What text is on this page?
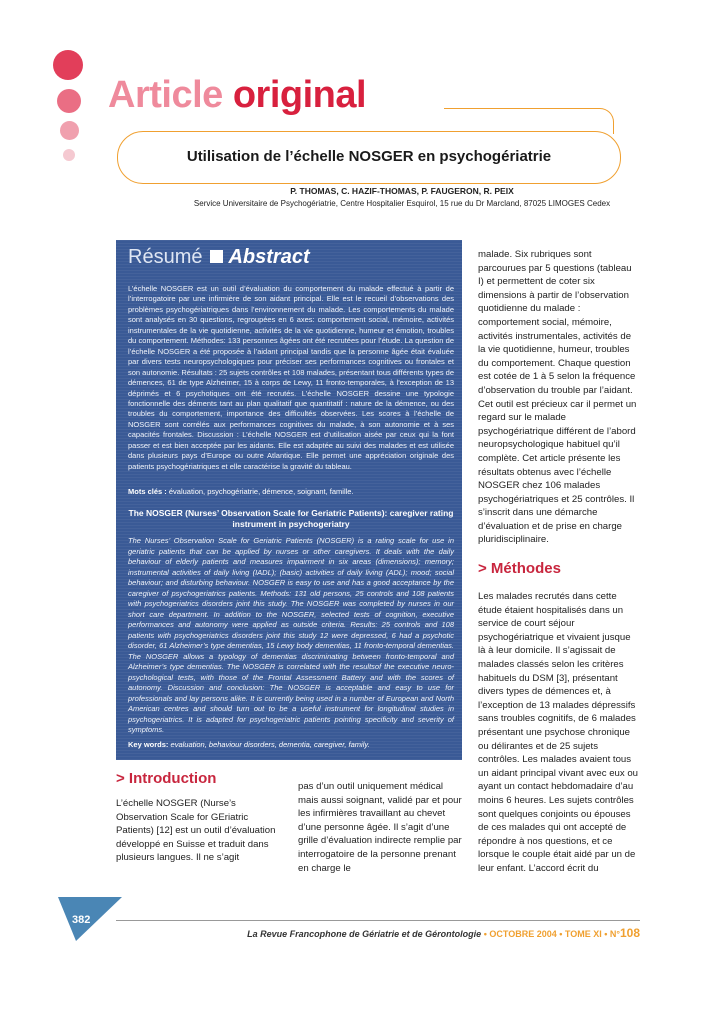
Article original
Utilisation de l’échelle NOSGER en psychogériatrie
P. THOMAS, C. HAZIF-THOMAS, P. FAUGERON, R. PEIX
Service Universitaire de Psychogériatrie, Centre Hospitalier Esquirol, 15 rue du Dr Marcland, 87025 LIMOGES Cedex
Résumé Abstract
L’échelle NOSGER est un outil d’évaluation du comportement du malade effectué à partir de l’interrogatoire par une infirmière de son aidant principal. Elle est le recueil d’observations des problèmes psychogériatriques dans l’environnement du malade. Les comportements du malade sont analysés en 30 questions, regroupées en 6 axes: comportement social, mémoire, activités instrumentales de la vie quotidienne, activités de la vie quotidienne, humeur et émotion, troubles du comportement. Méthodes: 133 personnes âgées ont été recrutées pour l’étude. La question de l’échelle NOSGER a été proposée à l’aidant principal tandis que la personne âgée était évaluée par divers tests neuropsychologiques pour préciser ses performances cognitives ou frontales et son autonomie. Résultats : 25 sujets contrôles et 108 malades, présentant tous différents types de démences, 61 de type Alzheimer, 15 à corps de Lewy, 11 fronto-temporales, à l’exception de 13 déprimés et 6 psychotiques ont été recrutés. L’échelle NOSGER dessine une typologie fonctionnelle des déments tant au plan qualitatif que quantitatif : nature de la démence, ou des troubles du comportement, importance des difficultés observées. Les scores à l’échelle de NOSGER sont corrélés aux performances cognitives du malade, à son autonomie et à ses capacités frontales. Discussion : L’échelle NOSGER est d’utilisation aisée par ceux qui la font passer et est bien acceptée par les aidants. Elle est adaptée au suivi des malades et est utilisée dans plusieurs pays d’Europe ou outre Atlantique. Elle permet une appréciation originale des patients psychogériatriques et elle caractérise la gravité du tableau.
Mots clés : évaluation, psychogériatrie, démence, soignant, famille.
The NOSGER (Nurses’ Observation Scale for Geriatric Patients): caregiver rating instrument in psychogeriatry
The Nurses’ Observation Scale for Geriatric Patients (NOSGER) is a rating scale for use in geriatric patients that can be applied by nurses or other caregivers. It deals with the daily behaviour of elderly patients and measures impairment in six areas (dimensions); memory; instrumental activities of daily living (IADL); (basic) activities of daily living (ADL); mood; social behaviour; and disturbing behaviour. NOSGER is easy to use and has a good acceptance by the caregiver of psychogeriatrics patients. Methods: 131 old persons, 25 controls and 108 patients with psychogeriatrics disorders joint this study. The NOSGER was completed by nurses in our short care department. In addition to the NOSGER, selected tests of cognition, executive performances and autonomy were applied as outside criteria. Results: 25 controls and 108 patients with psychogeriatrics disorders joint this study 12 were depressed, 6 had a psychotic disorder, 61 Alzheimer’s type dementias, 15 Lewy body dementias, 11 fronto-temporal dementias. The NOSGER allows a typology of dementias discriminating between fronto-temporal and Alzheimer’s type dementias. The NOSGER is correlated with the resultsof the executive neuro-psychological tests, with those of the Frontal Assessment Battery and with the scores of autonomy. Discussion and conclusion: The NOSGER is acceptable and easy to use for professionals and lay persons alike. It is currently being used in a number of European and North American centres and should turn out to be a useful instrument for longitudinal studies in psychogeriatrics. It is adapted for psychogeriatric patients pointing specificity and severity of symptoms.
Key words: evaluation, behaviour disorders, dementia, caregiver, family.
malade. Six rubriques sont parcourues par 5 questions (tableau I) et permettent de coter six dimensions à partir de l’observation quotidienne du malade : comportement social, mémoire, activités instrumentales, activités de la vie quotidienne, humeur, troubles du comportement. Chaque question est cotée de 1 à 5 selon la fréquence d’observation du trouble par l’aidant. Cet outil est précieux car il permet un regard sur le malade psychogériatrique différent de l’abord neuropsychologique habituel qu’il complète. Cet article présente les résultats obtenus avec l’échelle NOSGER chez 106 malades psychogériatriques et 25 contrôles. Il s’inscrit dans une démarche d’évaluation et de prise en charge pluridisciplinaire.
> Méthodes
Les malades recrutés dans cette étude étaient hospitalisés dans un service de court séjour psychogériatrique et vivaient jusque là à leur domicile. Il s’agissait de malades classés selon les critères habituels du DSM [3], présentant divers types de démences et, à l’exception de 13 malades dépressifs sans troubles cognitifs, de 6 malades présentant une psychose chronique ou délirantes et de 25 sujets contrôles. Les malades avaient tous un aidant principal vivant avec eux ou ayant un contact hebdomadaire d’au moins 6 heures. Les sujets contrôles sont quelques conjoints ou épouses de ces malades qui ont accepté de répondre à nos questions, et ce lorsque le couple était aidé par un de leur enfant. L’accord écrit du
> Introduction
L’échelle NOSGER (Nurse’s Observation Scale for GEriatric Patients) [12] est un outil d’évaluation développé en Suisse et traduit dans plusieurs langues. Il ne s’agit
pas d’un outil uniquement médical mais aussi soignant, validé par et pour les infirmières travaillant au chevet d’une personne âgée. Il s’agit d’une grille d’évaluation indirecte remplie par interrogatoire de la personne prenant en charge le
382
La Revue Francophone de Gériatrie et de Gérontologie • OCTOBRE 2004 • TOME XI • N°108
